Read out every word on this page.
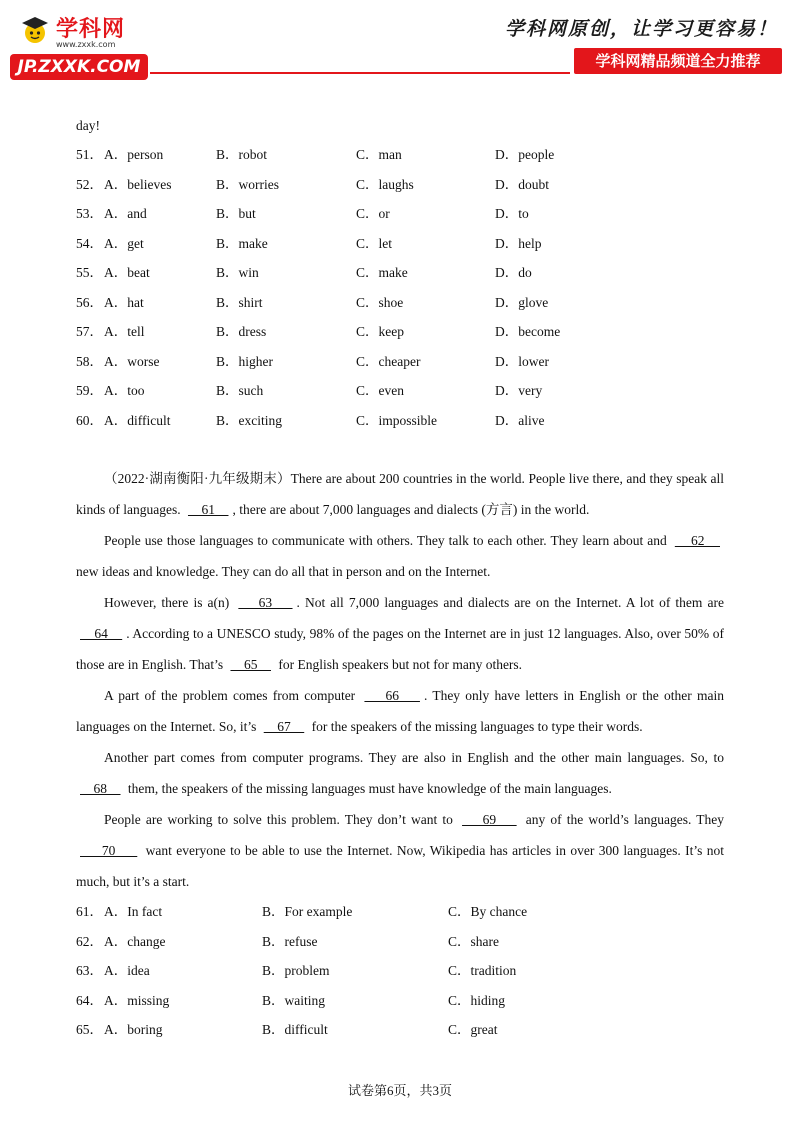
学科网
www.zxxk.com
JP.ZXXK.COM
学科网原创，让学习更容易！
学科网精品频道全力推荐
day!
51． A．person	B．robot	C．man	D．people
52． A．believes	B．worries	C．laughs	D．doubt
53． A．and	B．but	C．or	D．to
54． A．get	B．make	C．let	D．help
55． A．beat	B．win	C．make	D．do
56． A．hat	B．shirt	C．shoe	D．glove
57． A．tell	B．dress	C．keep	D．become
58． A．worse	B．higher	C．cheaper	D．lower
59． A．too	B．such	C．even	D．very
60． A．difficult	B．exciting	C．impossible	D．alive

（2022·湖南衡阳·九年级期末）There are about 200 countries in the world. People live there, and they speak all kinds of languages.     61    , there are about 7,000 languages and dialects (方言) in the world.

People use those languages to communicate with others. They talk to each other. They learn about and     62     new ideas and knowledge. They can do all that in person and on the Internet.

However, there is a(n)     63    . Not all 7,000 languages and dialects are on the Internet. A lot of them are     64    . According to a UNESCO study, 98% of the pages on the Internet are in just 12 languages. Also, over 50% of those are in English. That’s     65     for English speakers but not for many others.

A part of the problem comes from computer     66    . They only have letters in English or the other main languages on the Internet. So, it’s     67     for the speakers of the missing languages to type their words.

Another part comes from computer programs. They are also in English and the other main languages. So, to     68     them, the speakers of the missing languages must have knowledge of the main languages.

People are working to solve this problem. They don’t want to     69     any of the world’s languages. They      70      want everyone to be able to use the Internet. Now, Wikipedia has articles in over 300 languages. It’s not much, but it’s a start.

61． A．In fact	B．For example	C．By chance
62． A．change	B．refuse	C．share
63． A．idea	B．problem	C．tradition
64． A．missing	B．waiting	C．hiding
65． A．boring	B．difficult	C．great
试卷第6页，共3页
